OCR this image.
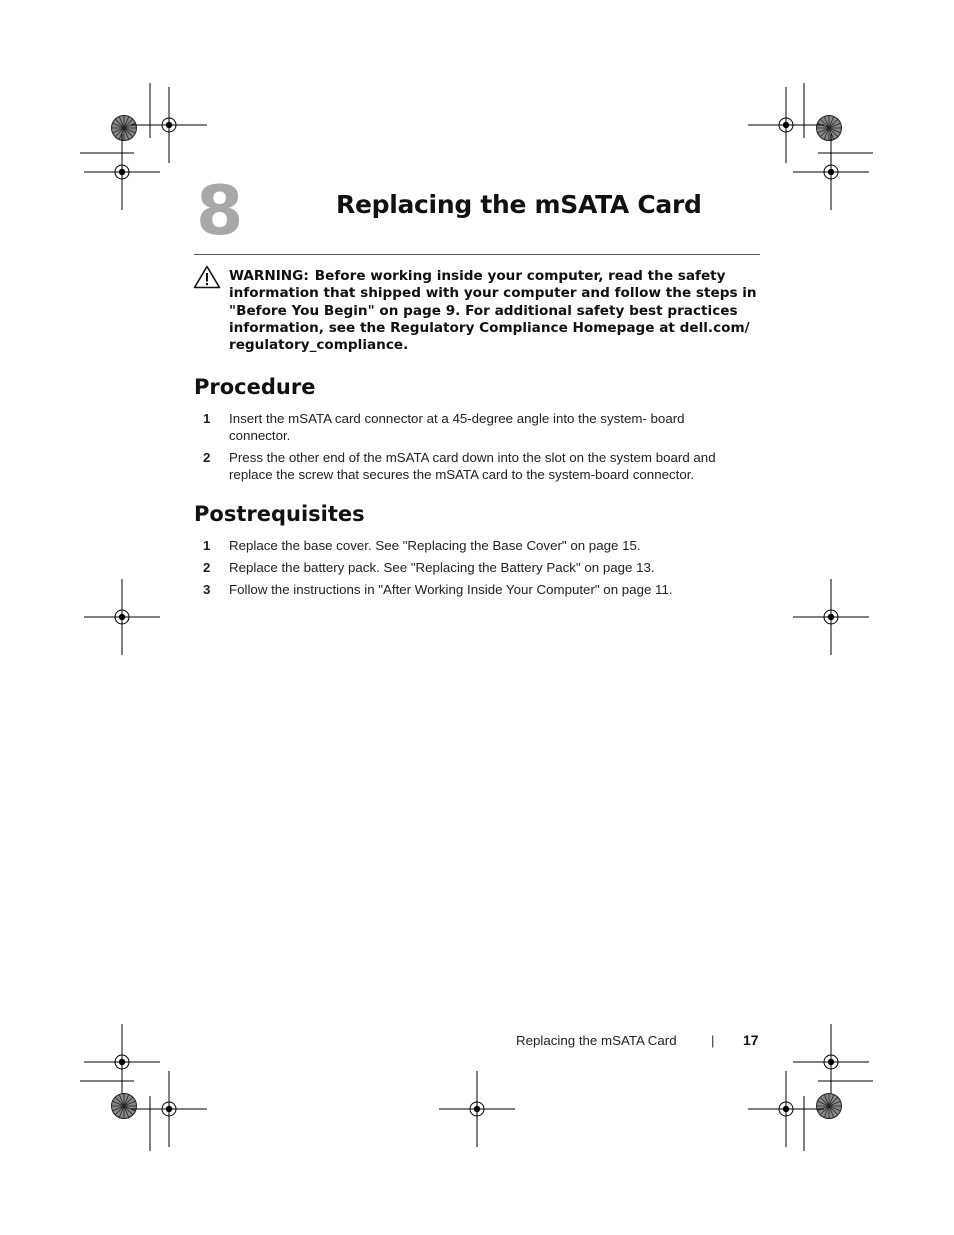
8	Replacing the mSATA Card
WARNING: Before working inside your computer, read the safety
information that shipped with your computer and follow the steps in
"Before You Begin" on page 9. For additional safety best practices
information, see the Regulatory Compliance Homepage at dell.com/
regulatory_compliance.
Procedure
1	Insert the mSATA card connector at a 45-degree angle into the system- board
connector.
2	Press the other end of the mSATA card down into the slot on the system board and
replace the screw that secures the mSATA card to the system-board connector.
Postrequisites
1	Replace the base cover. See "Replacing the Base Cover" on page 15.
2	Replace the battery pack. See "Replacing the Battery Pack" on page 13.
3	Follow the instructions in "After Working Inside Your Computer" on page 11.
Replacing the mSATA Card	| 17
